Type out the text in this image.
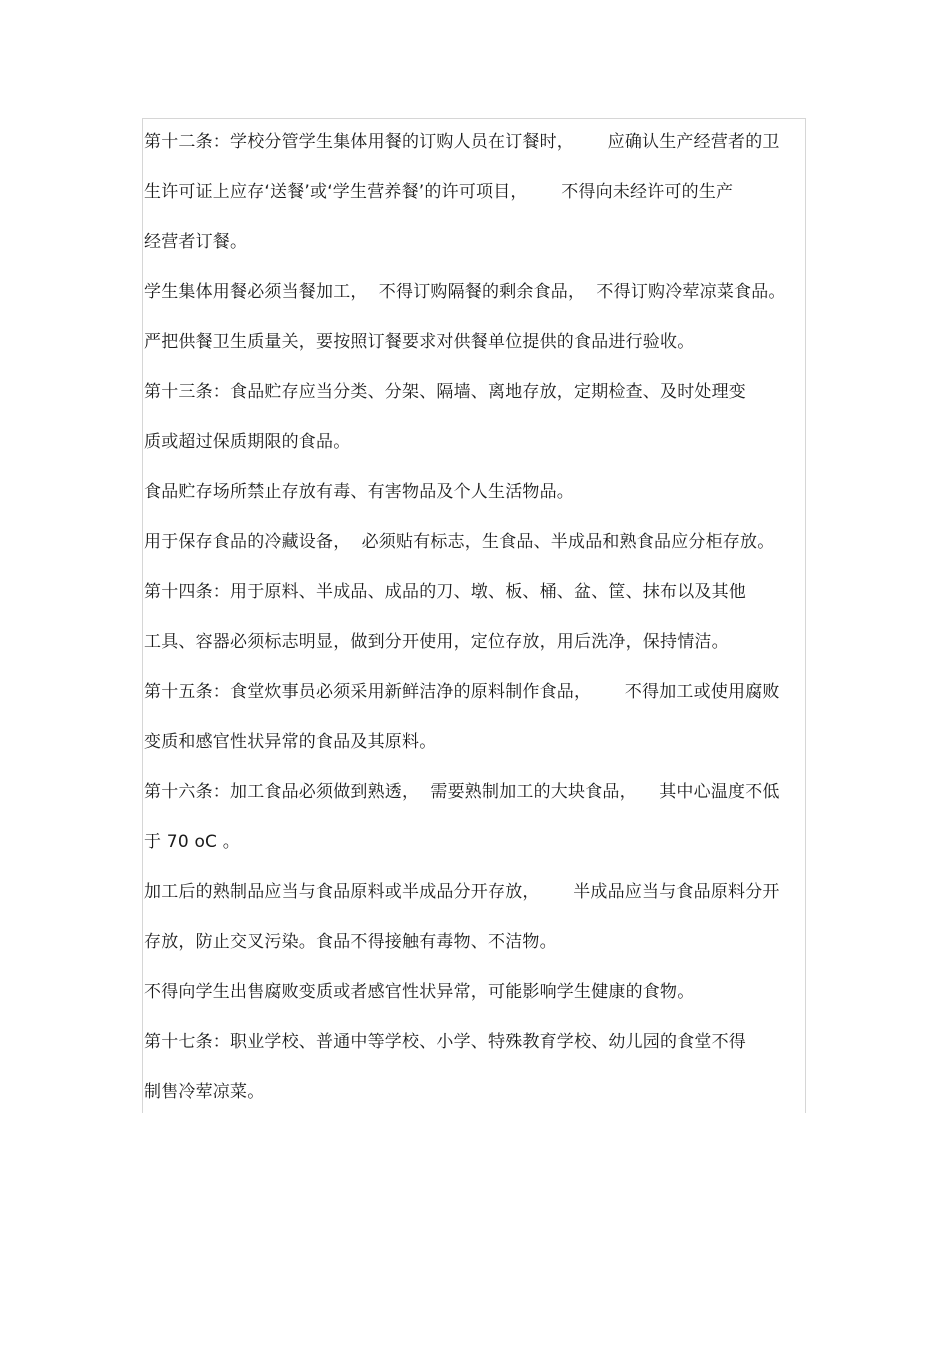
第十二条：学校分管学生集体用餐的订购人员在订餐时，      应确认生产经营者的卫
生许可证上应存‘送餐’或‘学生营养餐’的许可项目，      不得向未经许可的生产
经营者订餐。
学生集体用餐必须当餐加工，  不得订购隔餐的剩余食品，  不得订购冷荤凉菜食品。
严把供餐卫生质量关，要按照订餐要求对供餐单位提供的食品进行验收。
第十三条：食品贮存应当分类、分架、隔墙、离地存放，定期检查、及时处理变
质或超过保质期限的食品。
食品贮存场所禁止存放有毒、有害物品及个人生活物品。
用于保存食品的冷藏设备，  必须贴有标志，生食品、半成品和熟食品应分柜存放。
第十四条：用于原料、半成品、成品的刀、墩、板、桶、盆、筐、抹布以及其他
工具、容器必须标志明显，做到分开使用，定位存放，用后洗净，保持情洁。
第十五条：食堂炊事员必须采用新鲜洁净的原料制作食品，      不得加工或使用腐败
变质和感官性状异常的食品及其原料。
第十六条：加工食品必须做到熟透，  需要熟制加工的大块食品，    其中心温度不低
于 70 oC 。
加工后的熟制品应当与食品原料或半成品分开存放，      半成品应当与食品原料分开
存放，防止交叉污染。食品不得接触有毒物、不洁物。
不得向学生出售腐败变质或者感官性状异常，可能影响学生健康的食物。
第十七条：职业学校、普通中等学校、小学、特殊教育学校、幼儿园的食堂不得
制售冷荤凉菜。
